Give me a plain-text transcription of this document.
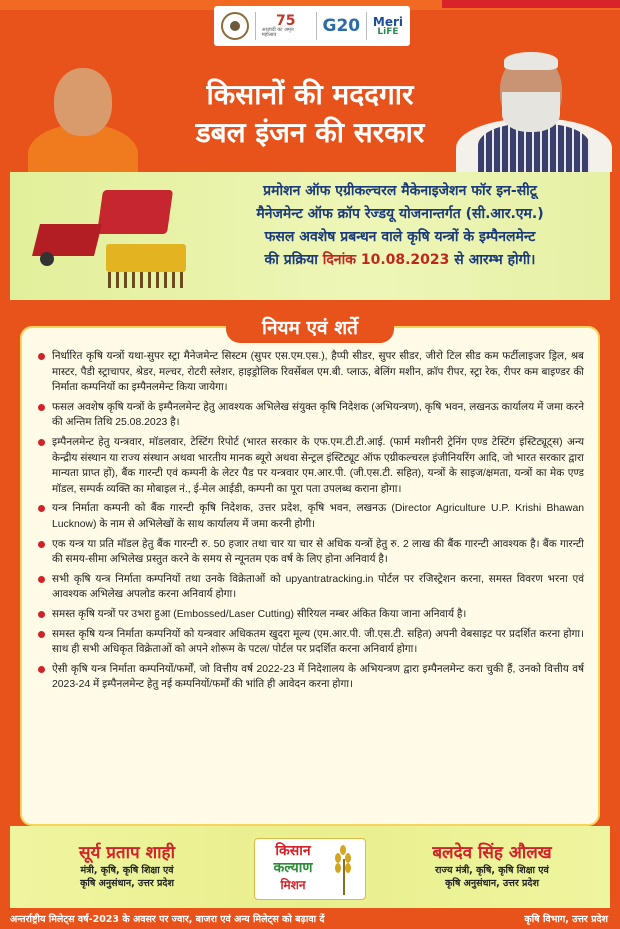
75
आज़ादी का अमृत महोत्सव	G20 Meri
LiFE
किसानों की मददगार
डबल इंजन की सरकार
प्रमोशन ऑफ एग्रीकल्चरल मैकेनाइजेशन फॉर इन-सीटू
मैनेजमेन्ट ऑफ क्रॉप रेज्डयू योजनान्तर्गत (सी.आर.एम.)
फसल अवशेष प्रबन्धन वाले कृषि यन्त्रों के इम्पैनलमेन्ट
की प्रक्रिया दिनांक 10.08.2023 से आरम्भ होगी।
नियम एवं शर्ते
निर्धारित कृषि यन्त्रों यथा-सुपर स्ट्रा मैनेजमेन्ट सिस्टम (सुपर एस.एम.एस.), हैप्पी सीडर, सुपर सीडर, जीरो टिल सीड कम फर्टीलाइजर ड्रिल, श्रब मास्टर, पैडी स्ट्राचापर, श्रेडर, मल्चर, रोटरी स्लेशर, हाइड्रोलिक रिवर्सेबल एम.बी. प्लाऊ, बेलिंग मशीन, क्रॉप रीपर, स्ट्रा रेक, रीपर कम बाइण्डर की निर्माता कम्पनियों का इम्पैनलमेन्ट किया जायेगा।
फसल अवशेष कृषि यन्त्रों के इम्पैनलमेन्ट हेतु आवश्यक अभिलेख संयुक्त कृषि निदेशक (अभियन्त्रण), कृषि भवन, लखनऊ कार्यालय में जमा करने की अन्तिम तिथि 25.08.2023 है।
इम्पैनलमेन्ट हेतु यन्त्रवार, मॉडलवार, टेस्टिंग रिपोर्ट (भारत सरकार के एफ.एम.टी.टी.आई. (फार्म मशीनरी ट्रेनिंग एण्ड टेस्टिंग इंस्टिट्यूट्स) अन्य केन्द्रीय संस्थान या राज्य संस्थान अथवा भारतीय मानक ब्यूरो अथवा सेन्ट्रल इंस्टिट्यूट ऑफ एग्रीकल्चरल इंजीनियरिंग आदि, जो भारत सरकार द्वारा मान्यता प्राप्त हों), बैंक गारन्टी एवं कम्पनी के लेटर पैड पर यन्त्रवार एम.आर.पी. (जी.एस.टी. सहित), यन्त्रों के साइज/क्षमता, यन्त्रों का मेक एण्ड मॉडल, सम्पर्क व्यक्ति का मोबाइल नं., ई-मेल आईडी, कम्पनी का पूरा पता उपलब्ध कराना होगा।
यन्त्र निर्माता कम्पनी को बैंक गारन्टी कृषि निदेशक, उत्तर प्रदेश, कृषि भवन, लखनऊ (Director Agriculture U.P. Krishi Bhawan Lucknow) के नाम से अभिलेखों के साथ कार्यालय में जमा करनी होगी।
एक यन्त्र या प्रति मॉडल हेतु बैंक गारन्टी रु. 50 हजार तथा चार या चार से अधिक यन्त्रों हेतु रु. 2 लाख की बैंक गारन्टी आवश्यक है। बैंक गारन्टी की समय-सीमा अभिलेख प्रस्तुत करने के समय से न्यूनतम एक वर्ष के लिए होना अनिवार्य है।
सभी कृषि यन्त्र निर्माता कम्पनियों तथा उनके विक्रेताओं को upyantratracking.in पोर्टल पर रजिस्ट्रेशन करना, समस्त विवरण भरना एवं आवश्यक अभिलेख अपलोड करना अनिवार्य होगा।
समस्त कृषि यन्त्रों पर उभरा हुआ (Embossed/Laser Cutting) सीरियल नम्बर अंकित किया जाना अनिवार्य है।
समस्त कृषि यन्त्र निर्माता कम्पनियों को यन्त्रवार अधिकतम खुदरा मूल्य (एम.आर.पी. जी.एस.टी. सहित) अपनी वेबसाइट पर प्रदर्शित करना होगा। साथ ही सभी अधिकृत विक्रेताओं को अपने शोरूम के पटल/ पोर्टल पर प्रदर्शित करना अनिवार्य होगा।
ऐसी कृषि यन्त्र निर्माता कम्पनियों/फर्मों, जो वित्तीय वर्ष 2022-23 में निदेशालय के अभियन्त्रण द्वारा इम्पैनलमेन्ट करा चुकी हैं, उनको वित्तीय वर्ष 2023-24 में इम्पैनलमेन्ट हेतु नई कम्पनियों/फर्मों की भांति ही आवेदन करना होगा।
सूर्य प्रताप शाही
मंत्री, कृषि, कृषि शिक्षा एवं
कृषि अनुसंधान, उत्तर प्रदेश
किसान
कल्याण
मिशन
बलदेव सिंह औलख
राज्य मंत्री, कृषि, कृषि शिक्षा एवं
कृषि अनुसंधान, उत्तर प्रदेश
अन्तर्राष्ट्रीय मिलेट्स वर्ष-2023 के अवसर पर ज्वार, बाजरा एवं अन्य मिलेट्स को बढ़ावा दें	कृषि विभाग, उत्तर प्रदेश
